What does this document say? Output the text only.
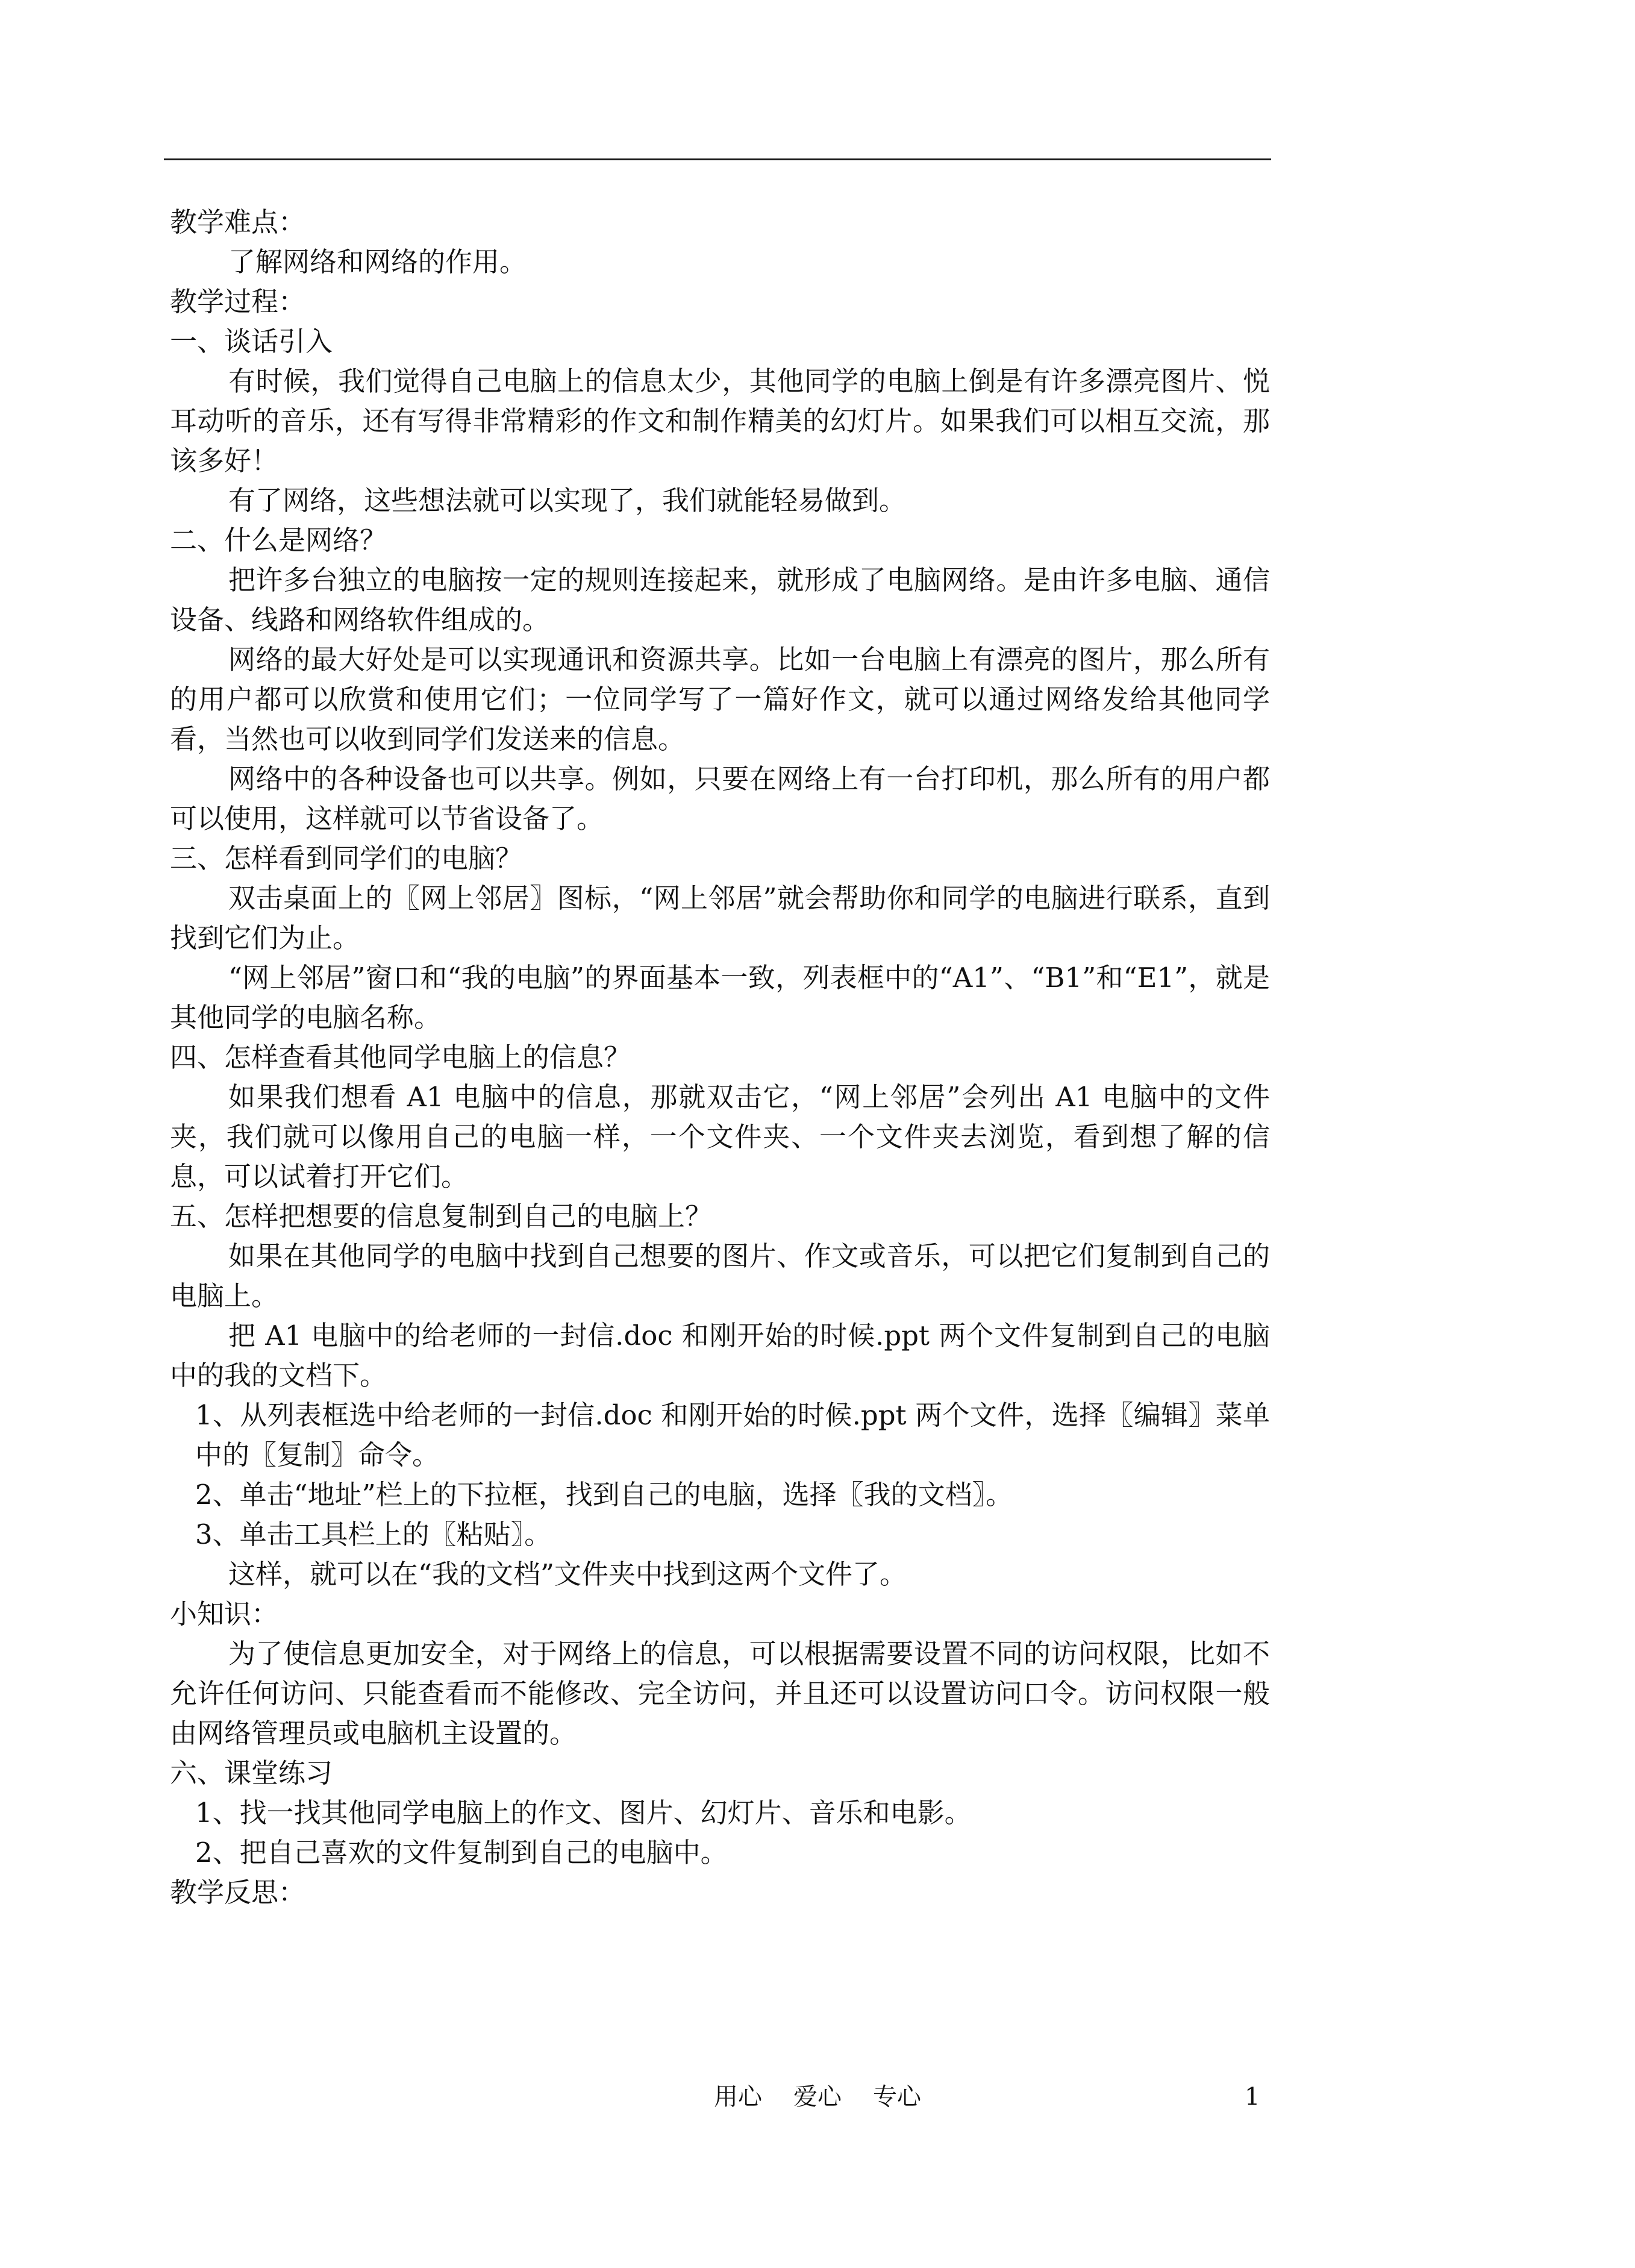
教学难点：

了解网络和网络的作用。

教学过程：

一、谈话引入

有时候，我们觉得自己电脑上的信息太少，其他同学的电脑上倒是有许多漂亮图片、悦耳动听的音乐，还有写得非常精彩的作文和制作精美的幻灯片。如果我们可以相互交流，那该多好！

有了网络，这些想法就可以实现了，我们就能轻易做到。

二、什么是网络？

把许多台独立的电脑按一定的规则连接起来，就形成了电脑网络。是由许多电脑、通信设备、线路和网络软件组成的。

网络的最大好处是可以实现通讯和资源共享。比如一台电脑上有漂亮的图片，那么所有的用户都可以欣赏和使用它们；一位同学写了一篇好作文，就可以通过网络发给其他同学看，当然也可以收到同学们发送来的信息。

网络中的各种设备也可以共享。例如，只要在网络上有一台打印机，那么所有的用户都可以使用，这样就可以节省设备了。

三、怎样看到同学们的电脑？

双击桌面上的〖网上邻居〗图标，“网上邻居”就会帮助你和同学的电脑进行联系，直到找到它们为止。

“网上邻居”窗口和“我的电脑”的界面基本一致，列表框中的“A1”、“B1”和“E1”，就是其他同学的电脑名称。

四、怎样查看其他同学电脑上的信息？

如果我们想看 A1 电脑中的信息，那就双击它，“网上邻居”会列出 A1 电脑中的文件夹，我们就可以像用自己的电脑一样，一个文件夹、一个文件夹去浏览，看到想了解的信息，可以试着打开它们。

五、怎样把想要的信息复制到自己的电脑上？

如果在其他同学的电脑中找到自己想要的图片、作文或音乐，可以把它们复制到自己的电脑上。

把 A1 电脑中的给老师的一封信.doc 和刚开始的时候.ppt 两个文件复制到自己的电脑中的我的文档下。

1、从列表框选中给老师的一封信.doc 和刚开始的时候.ppt 两个文件，选择〖编辑〗菜单中的〖复制〗命令。

2、单击“地址”栏上的下拉框，找到自己的电脑，选择〖我的文档〗。

3、单击工具栏上的〖粘贴〗。

这样，就可以在“我的文档”文件夹中找到这两个文件了。

小知识：

为了使信息更加安全，对于网络上的信息，可以根据需要设置不同的访问权限，比如不允许任何访问、只能查看而不能修改、完全访问，并且还可以设置访问口令。访问权限一般由网络管理员或电脑机主设置的。

六、课堂练习

1、找一找其他同学电脑上的作文、图片、幻灯片、音乐和电影。

2、把自己喜欢的文件复制到自己的电脑中。

教学反思：

用心 爱心 专心	1
